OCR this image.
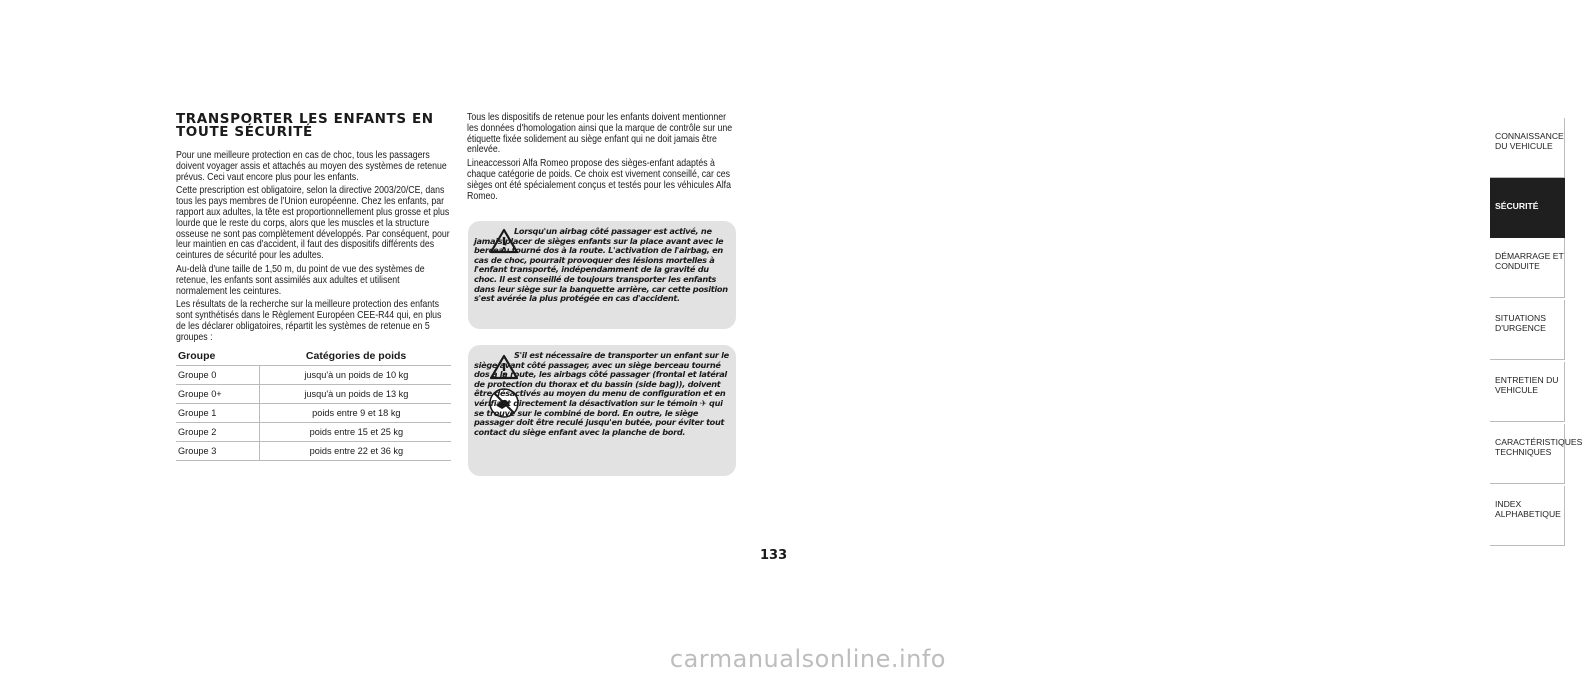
TRANSPORTER LES ENFANTS EN
TOUTE SÉCURITÉ

Pour une meilleure protection en cas de choc, tous les passagers doivent voyager assis et attachés au moyen des systèmes de retenue prévus. Ceci vaut encore plus pour les enfants.

Cette prescription est obligatoire, selon la directive 2003/20/CE, dans tous les pays membres de l'Union européenne. Chez les enfants, par rapport aux adultes, la tête est proportionnellement plus grosse et plus lourde que le reste du corps, alors que les muscles et la structure osseuse ne sont pas complètement développés. Par conséquent, pour leur maintien en cas d'accident, il faut des dispositifs différents des ceintures de sécurité pour les adultes.

Au-delà d'une taille de 1,50 m, du point de vue des systèmes de retenue, les enfants sont assimilés aux adultes et utilisent normalement les ceintures.

Les résultats de la recherche sur la meilleure protection des enfants sont synthétisés dans le Règlement Européen CEE-R44 qui, en plus de les déclarer obligatoires, répartit les systèmes de retenue en 5 groupes :

Groupe	Catégories de poids
Groupe 0	jusqu'à un poids de 10 kg
Groupe 0+	jusqu'à un poids de 13 kg
Groupe 1	poids entre 9 et 18 kg
Groupe 2	poids entre 15 et 25 kg
Groupe 3	poids entre 22 et 36 kg

Tous les dispositifs de retenue pour les enfants doivent mentionner les données d'homologation ainsi que la marque de contrôle sur une étiquette fixée solidement au siège enfant qui ne doit jamais être enlevée.

Lineaccessori Alfa Romeo propose des sièges-enfant adaptés à chaque catégorie de poids. Ce choix est vivement conseillé, car ces sièges ont été spécialement conçus et testés pour les véhicules Alfa Romeo.

Lorsqu'un airbag côté passager est activé, ne jamais placer de sièges enfants sur la place avant avec le berceau tourné dos à la route. L'activation de l'airbag, en cas de choc, pourrait provoquer des lésions mortelles à l'enfant transporté, indépendamment de la gravité du choc. Il est conseillé de toujours transporter les enfants dans leur siège sur la banquette arrière, car cette position s'est avérée la plus protégée en cas d'accident.
S'il est nécessaire de transporter un enfant sur le siège avant côté passager, avec un siège berceau tourné dos à la route, les airbags côté passager (frontal et latéral de protection du thorax et du bassin (side bag)), doivent être désactivés au moyen du menu de configuration et en vérifiant directement la désactivation sur le témoin ✈ qui se trouve sur le combiné de bord. En outre, le siège passager doit être reculé jusqu'en butée, pour éviter tout contact du siège enfant avec la planche de bord.
CONNAISSANCE DU VEHICULE
SÉCURITÉ
DÉMARRAGE ET CONDUITE
SITUATIONS D'URGENCE
ENTRETIEN DU VEHICULE
CARACTÉRISTIQUES TECHNIQUES
INDEX ALPHABETIQUE
133
carmanualsonline.info
